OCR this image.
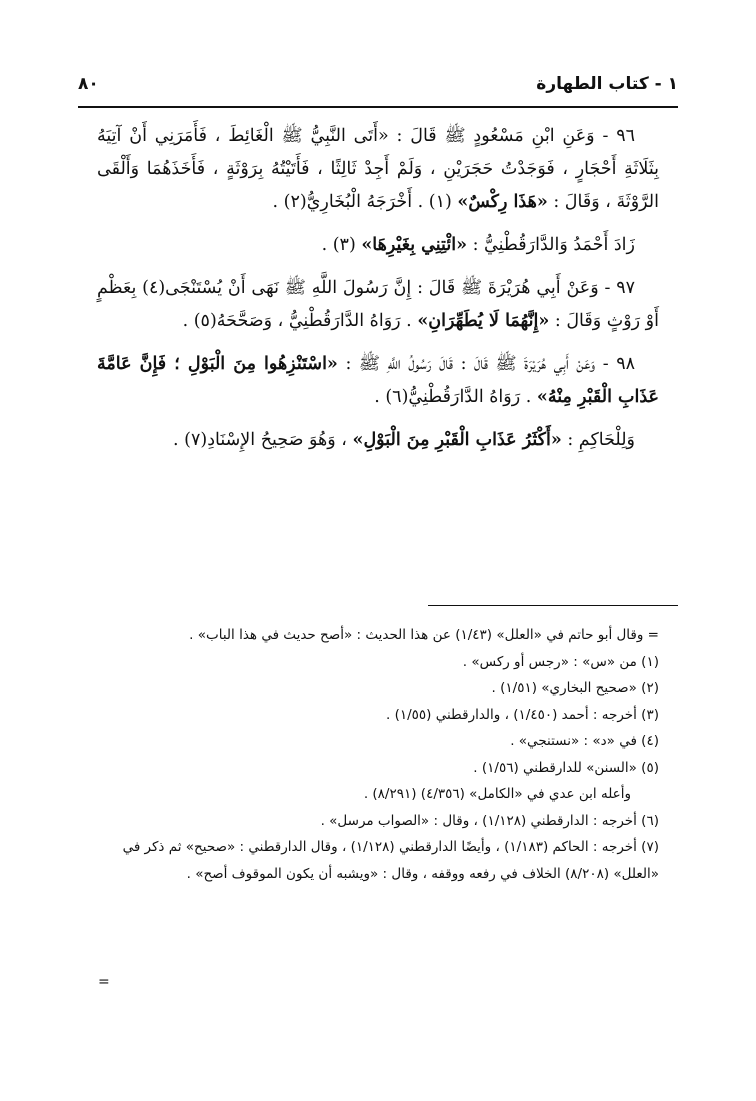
١ - كتاب الطهارة
٨٠

٩٦ - وَعَنِ ابْنِ مَسْعُودٍ ﷺ قَالَ : «أَتَى النَّبِيُّ ﷺ الْغَائِطَ ، فَأَمَرَنِي أَنْ آتِيَهُ بِثَلَاثَةِ أَحْجَارٍ ، فَوَجَدْتُ حَجَرَيْنِ ، وَلَمْ أَجِدْ ثَالِثًا ، فَأَتَيْتُهُ بِرَوْثَةٍ ، فَأَخَذَهُمَا وَأَلْقَى الرَّوْثَةَ ، وَقَالَ : «هَذَا رِكْسٌ» (١) . أَخْرَجَهُ الْبُخَارِيُّ(٢) .

زَادَ أَحْمَدُ وَالدَّارَقُطْنِيُّ : «ائْتِنِي بِغَيْرِهَا» (٣) .

٩٧ - وَعَنْ أَبِي هُرَيْرَةَ ﷺ قَالَ : إِنَّ رَسُولَ اللَّهِ ﷺ نَهَى أَنْ يُسْتَنْجَى(٤) بِعَظْمٍ أَوْ رَوْثٍ وَقَالَ : «إِنَّهُمَا لَا يُطَهِّرَانِ» . رَوَاهُ الدَّارَقُطْنِيُّ ، وَصَحَّحَهُ(٥) .

٩٨ - وَعَنْ أَبِي هُرَيْرَةَ ﷺ قَالَ : قَالَ رَسُولُ اللَّهِ ﷺ : «اسْتَنْزِهُوا مِنَ الْبَوْلِ ؛ فَإِنَّ عَامَّةَ عَذَابِ الْقَبْرِ مِنْهُ» . رَوَاهُ الدَّارَقُطْنِيُّ(٦) .

وَلِلْحَاكِمِ : «أَكْثَرُ عَذَابِ الْقَبْرِ مِنَ الْبَوْلِ» ، وَهُوَ صَحِيحُ الإِسْنَادِ(٧) .

= وقال أبو حاتم في «العلل» (١/٤٣) عن هذا الحديث : «أصح حديث في هذا الباب» .

(١) من «س» : «رجس أو ركس» .

(٢) «صحيح البخاري» (١/٥١) .

(٣) أخرجه : أحمد (١/٤٥٠) ، والدارقطني (١/٥٥) .

(٤) في «د» : «نستنجي» .

(٥) «السنن» للدارقطني (١/٥٦) .

وأعله ابن عدي في «الكامل» (٤/٣٥٦) (٨/٢٩١) .

(٦) أخرجه : الدارقطني (١/١٢٨) ، وقال : «الصواب مرسل» .

(٧) أخرجه : الحاكم (١/١٨٣) ، وأيضًا الدارقطني (١/١٢٨) ، وقال الدارقطني : «صحيح» ثم ذكر في «العلل» (٨/٢٠٨) الخلاف في رفعه ووقفه ، وقال : «ويشبه أن يكون الموقوف أصح» .

=
